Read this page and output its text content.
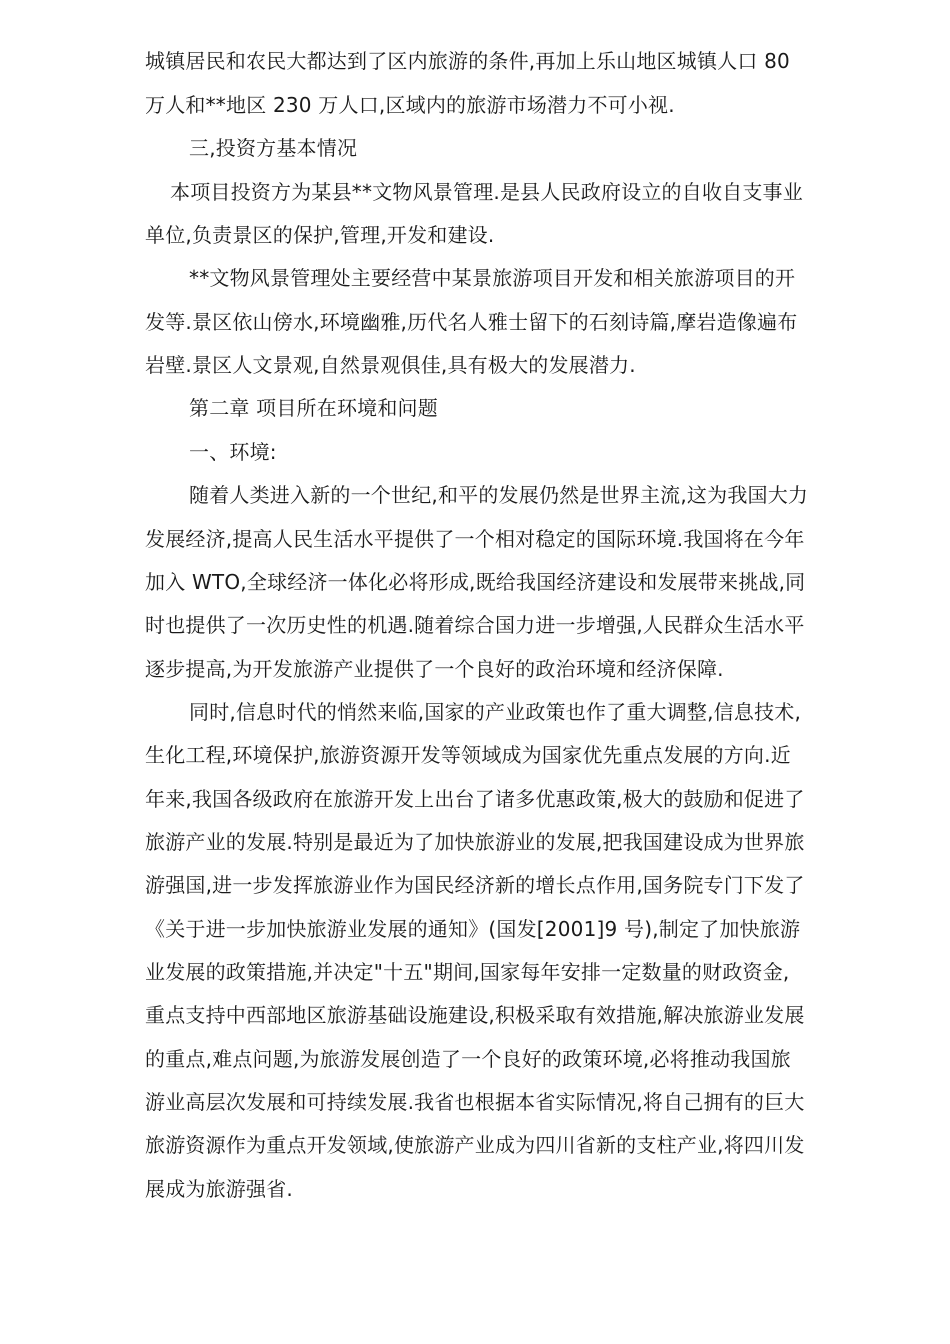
城镇居民和农民大都达到了区内旅游的条件,再加上乐山地区城镇人口 80
万人和**地区 230 万人口,区域内的旅游市场潜力不可小视.
三,投资方基本情况
本项目投资方为某县**文物风景管理.是县人民政府设立的自收自支事业
单位,负责景区的保护,管理,开发和建设.
**文物风景管理处主要经营中某景旅游项目开发和相关旅游项目的开
发等.景区依山傍水,环境幽雅,历代名人雅士留下的石刻诗篇,摩岩造像遍布
岩壁.景区人文景观,自然景观俱佳,具有极大的发展潜力.
第二章 项目所在环境和问题
一、环境:
随着人类进入新的一个世纪,和平的发展仍然是世界主流,这为我国大力
发展经济,提高人民生活水平提供了一个相对稳定的国际环境.我国将在今年
加入 WTO,全球经济一体化必将形成,既给我国经济建设和发展带来挑战,同
时也提供了一次历史性的机遇.随着综合国力进一步增强,人民群众生活水平
逐步提高,为开发旅游产业提供了一个良好的政治环境和经济保障.
同时,信息时代的悄然来临,国家的产业政策也作了重大调整,信息技术,
生化工程,环境保护,旅游资源开发等领域成为国家优先重点发展的方向.近
年来,我国各级政府在旅游开发上出台了诸多优惠政策,极大的鼓励和促进了
旅游产业的发展.特别是最近为了加快旅游业的发展,把我国建设成为世界旅
游强国,进一步发挥旅游业作为国民经济新的增长点作用,国务院专门下发了
《关于进一步加快旅游业发展的通知》(国发[2001]9 号),制定了加快旅游
业发展的政策措施,并决定"十五"期间,国家每年安排一定数量的财政资金,
重点支持中西部地区旅游基础设施建设,积极采取有效措施,解决旅游业发展
的重点,难点问题,为旅游发展创造了一个良好的政策环境,必将推动我国旅
游业高层次发展和可持续发展.我省也根据本省实际情况,将自己拥有的巨大
旅游资源作为重点开发领域,使旅游产业成为四川省新的支柱产业,将四川发
展成为旅游强省.
